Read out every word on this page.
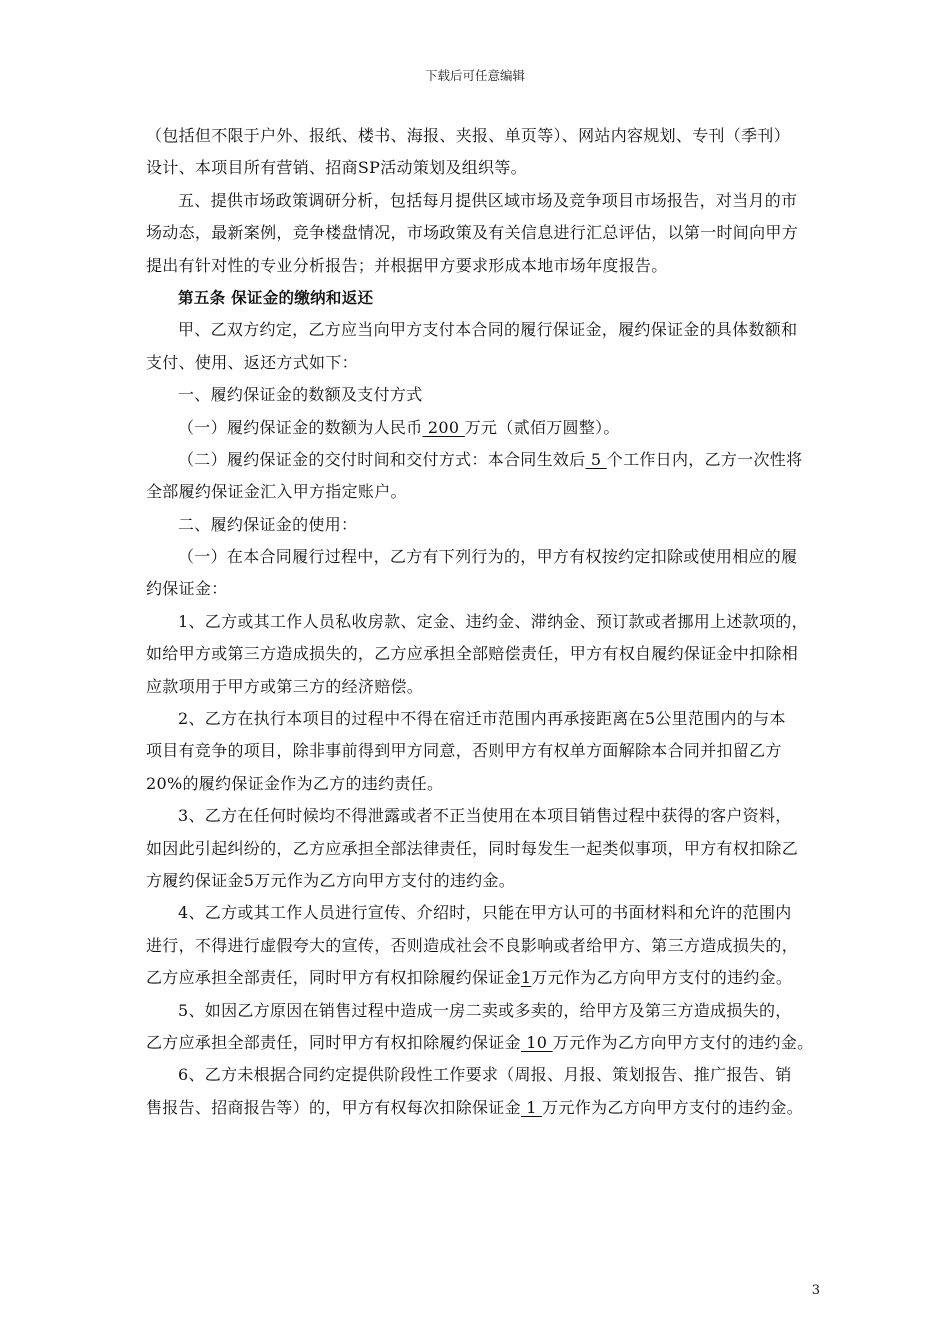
下载后可任意编辑

（包括但不限于户外、报纸、楼书、海报、夹报、单页等）、网站内容规划、专刊（季刊）

设计、本项目所有营销、招商SP活动策划及组织等。

五、提供市场政策调研分析，包括每月提供区域市场及竞争项目市场报告，对当月的市

场动态，最新案例，竞争楼盘情况，市场政策及有关信息进行汇总评估，以第一时间向甲方

提出有针对性的专业分析报告；并根据甲方要求形成本地市场年度报告。

第五条 保证金的缴纳和返还

甲、乙双方约定，乙方应当向甲方支付本合同的履行保证金，履约保证金的具体数额和

支付、使用、返还方式如下：

一、履约保证金的数额及支付方式

（一）履约保证金的数额为人民币 200 万元（贰佰万圆整）。

（二）履约保证金的交付时间和交付方式：本合同生效后 5 个工作日内，乙方一次性将

全部履约保证金汇入甲方指定账户。

二、履约保证金的使用：

（一）在本合同履行过程中，乙方有下列行为的，甲方有权按约定扣除或使用相应的履

约保证金：

1、乙方或其工作人员私收房款、定金、违约金、滞纳金、预订款或者挪用上述款项的，

如给甲方或第三方造成损失的，乙方应承担全部赔偿责任，甲方有权自履约保证金中扣除相

应款项用于甲方或第三方的经济赔偿。

2、乙方在执行本项目的过程中不得在宿迁市范围内再承接距离在5公里范围内的与本

项目有竞争的项目，除非事前得到甲方同意，否则甲方有权单方面解除本合同并扣留乙方

20%的履约保证金作为乙方的违约责任。

3、乙方在任何时候均不得泄露或者不正当使用在本项目销售过程中获得的客户资料，

如因此引起纠纷的，乙方应承担全部法律责任，同时每发生一起类似事项，甲方有权扣除乙

方履约保证金5万元作为乙方向甲方支付的违约金。

4、乙方或其工作人员进行宣传、介绍时，只能在甲方认可的书面材料和允许的范围内

进行，不得进行虚假夸大的宣传，否则造成社会不良影响或者给甲方、第三方造成损失的，

乙方应承担全部责任，同时甲方有权扣除履约保证金1万元作为乙方向甲方支付的违约金。

5、如因乙方原因在销售过程中造成一房二卖或多卖的，给甲方及第三方造成损失的，

乙方应承担全部责任，同时甲方有权扣除履约保证金 10 万元作为乙方向甲方支付的违约金。

6、乙方未根据合同约定提供阶段性工作要求（周报、月报、策划报告、推广报告、销

售报告、招商报告等）的，甲方有权每次扣除保证金 1 万元作为乙方向甲方支付的违约金。

3
